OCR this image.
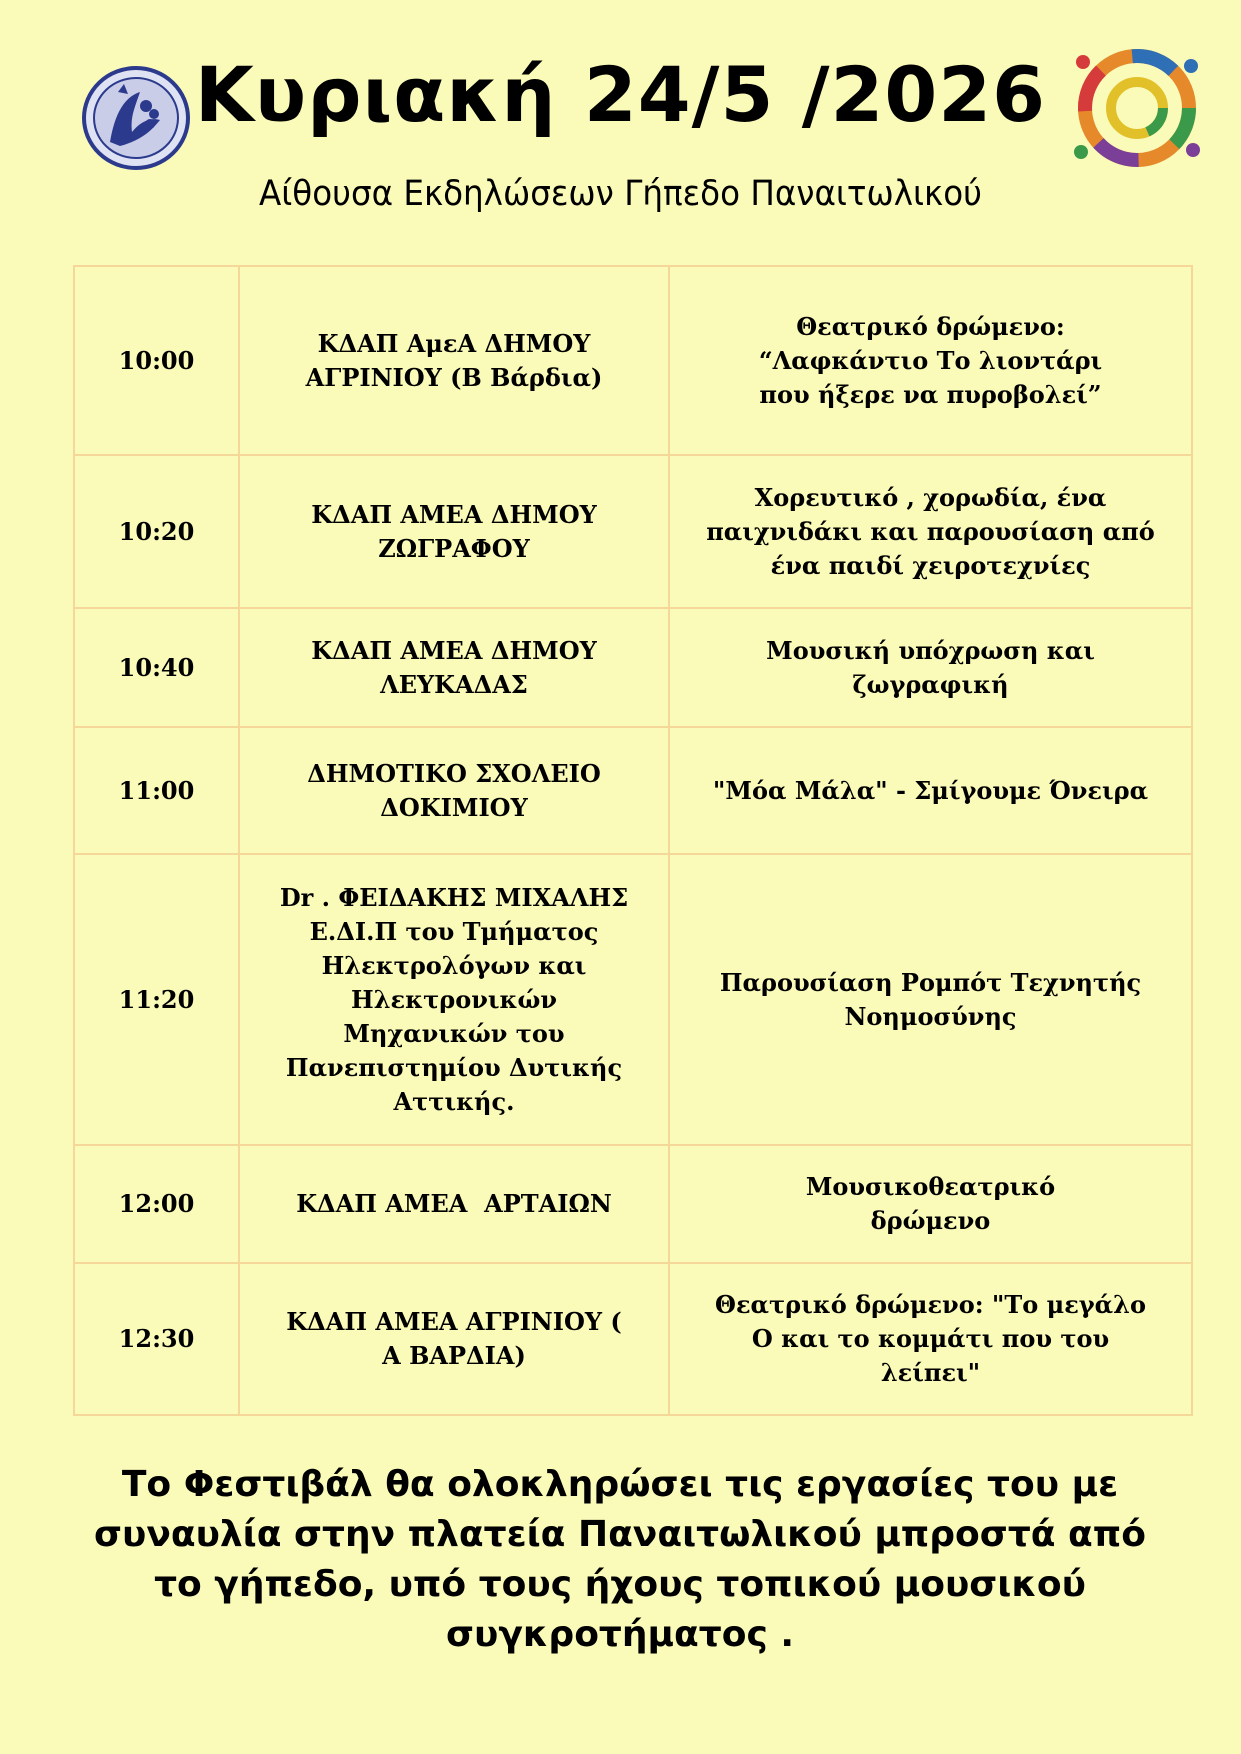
Κυριακή 24/5 /2026
Αίθουσα Εκδηλώσεων Γήπεδο Παναιτωλικού
10:00	ΚΔΑΠ ΑμεΑ ΔΗΜΟΥ ΑΓΡΙΝΙΟΥ (Β Βάρδια)	Θεατρικό δρώμενο: “Λαφκάντιο Το λιοντάρι που ήξερε να πυροβολεί”
10:20	ΚΔΑΠ ΑΜΕΑ ΔΗΜΟΥ ΖΩΓΡΑΦΟΥ	Χορευτικό , χορωδία, ένα παιχνιδάκι και παρουσίαση από ένα παιδί χειροτεχνίες
10:40	ΚΔΑΠ ΑΜΕΑ ΔΗΜΟΥ ΛΕΥΚΑΔΑΣ	Μουσική υπόχρωση και ζωγραφική
11:00	ΔΗΜΟΤΙΚΟ ΣΧΟΛΕΙΟ ΔΟΚΙΜΙΟΥ	"Μόα Μάλα" - Σμίγουμε Όνειρα
11:20	Dr . ΦΕΙΔΑΚΗΣ ΜΙΧΑΛΗΣ Ε.ΔΙ.Π του Τμήματος Ηλεκτρολόγων και Ηλεκτρονικών Μηχανικών του Πανεπιστημίου Δυτικής Αττικής.	Παρουσίαση Ρομπότ Τεχνητής Νοημοσύνης
12:00	ΚΔΑΠ ΑΜΕΑ  ΑΡΤΑΙΩΝ	Μουσικοθεατρικό δρώμενο
12:30	ΚΔΑΠ ΑΜΕΑ ΑΓΡΙΝΙΟΥ ( Α ΒΑΡΔΙΑ)	Θεατρικό δρώμενο: "Το μεγάλο Ο και το κομμάτι που του λείπει"
Το Φεστιβάλ θα ολοκληρώσει τις εργασίες του με συναυλία στην πλατεία Παναιτωλικού μπροστά από το γήπεδο, υπό τους ήχους τοπικού μουσικού συγκροτήματος .
